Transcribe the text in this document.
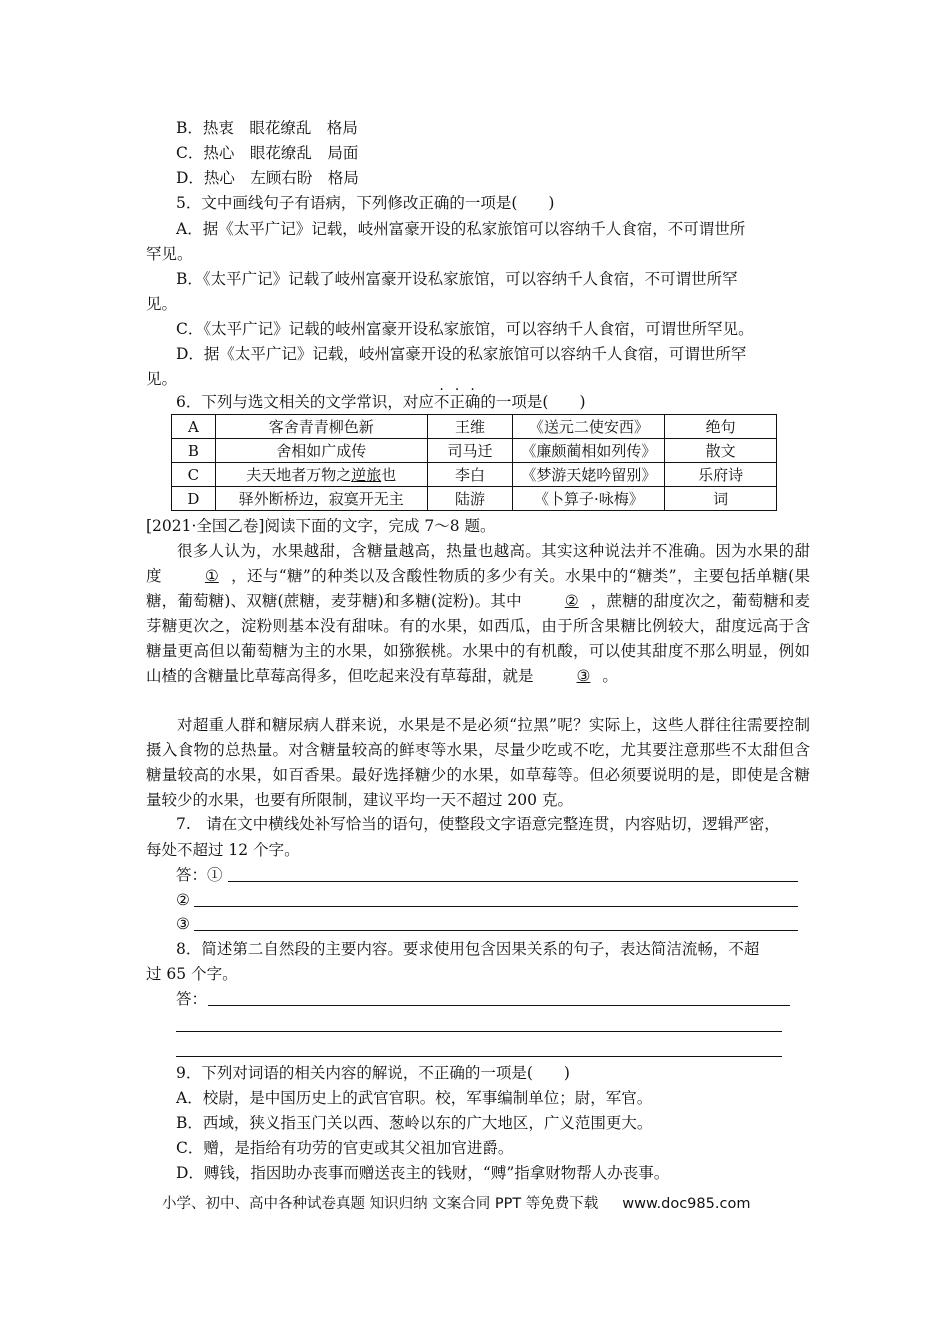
B．热衷　眼花缭乱　格局
C．热心　眼花缭乱　局面
D．热心　左顾右盼　格局
5．文中画线句子有语病，下列修改正确的一项是(　　)
A．据《太平广记》记载，岐州富豪开设的私家旅馆可以容纳千人食宿，不可谓世所
罕见。
B．《太平广记》记载了岐州富豪开设私家旅馆，可以容纳千人食宿，不可谓世所罕
见。
C．《太平广记》记载的岐州富豪开设私家旅馆，可以容纳千人食宿，可谓世所罕见。
D．据《太平广记》记载，岐州富豪开设的私家旅馆可以容纳千人食宿，可谓世所罕
见。
6．下列与选文相关的文学常识，对应不正确的一项是(　　)
A	客舍青青柳色新	王维	《送元二使安西》	绝句
B	舍相如广成传	司马迁	《廉颇蔺相如列传》	散文
C	夫天地者万物之逆旅也	李白	《梦游天姥吟留别》	乐府诗
D	驿外断桥边，寂寞开无主	陆游	《卜算子·咏梅》	词
[2021·全国乙卷]阅读下面的文字，完成 7～8 题。

很多人认为，水果越甜，含糖量越高，热量也越高。其实这种说法并不准确。因为水果的甜度	① ，还与“糖”的种类以及含酸性物质的多少有关。水果中的“糖类”，主要包括单糖(果糖，葡萄糖)、双糖(蔗糖，麦芽糖)和多糖(淀粉)。其中	② ，蔗糖的甜度次之，葡萄糖和麦芽糖更次之，淀粉则基本没有甜味。有的水果，如西瓜，由于所含果糖比例较大，甜度远高于含糖量更高但以葡萄糖为主的水果，如猕猴桃。水果中的有机酸，可以使其甜度不那么明显，例如山楂的含糖量比草莓高得多，但吃起来没有草莓甜，就是	③ 。

对超重人群和糖尿病人群来说，水果是不是必须“拉黑”呢？实际上，这些人群往往需要控制摄入食物的总热量。对含糖量较高的鲜枣等水果，尽量少吃或不吃，尤其要注意那些不太甜但含糖量较高的水果，如百香果。最好选择糖少的水果，如草莓等。但必须要说明的是，即使是含糖量较少的水果，也要有所限制，建议平均一天不超过 200 克。

7.　请在文中横线处补写恰当的语句，使整段文字语意完整连贯，内容贴切，逻辑严密，
每处不超过 12 个字。
答：①
②
③
8．简述第二自然段的主要内容。要求使用包含因果关系的句子，表达简洁流畅，不超
过 65 个字。
答：
9．下列对词语的相关内容的解说，不正确的一项是(　　)
A．校尉，是中国历史上的武官官职。校，军事编制单位；尉，军官。
B．西域，狭义指玉门关以西、葱岭以东的广大地区，广义范围更大。
C．赠，是指给有功劳的官吏或其父祖加官进爵。
D．赙钱，指因助办丧事而赠送丧主的钱财，“赙”指拿财物帮人办丧事。
小学、初中、高中各种试卷真题 知识归纳 文案合同 PPT 等免费下载 www.doc985.com
